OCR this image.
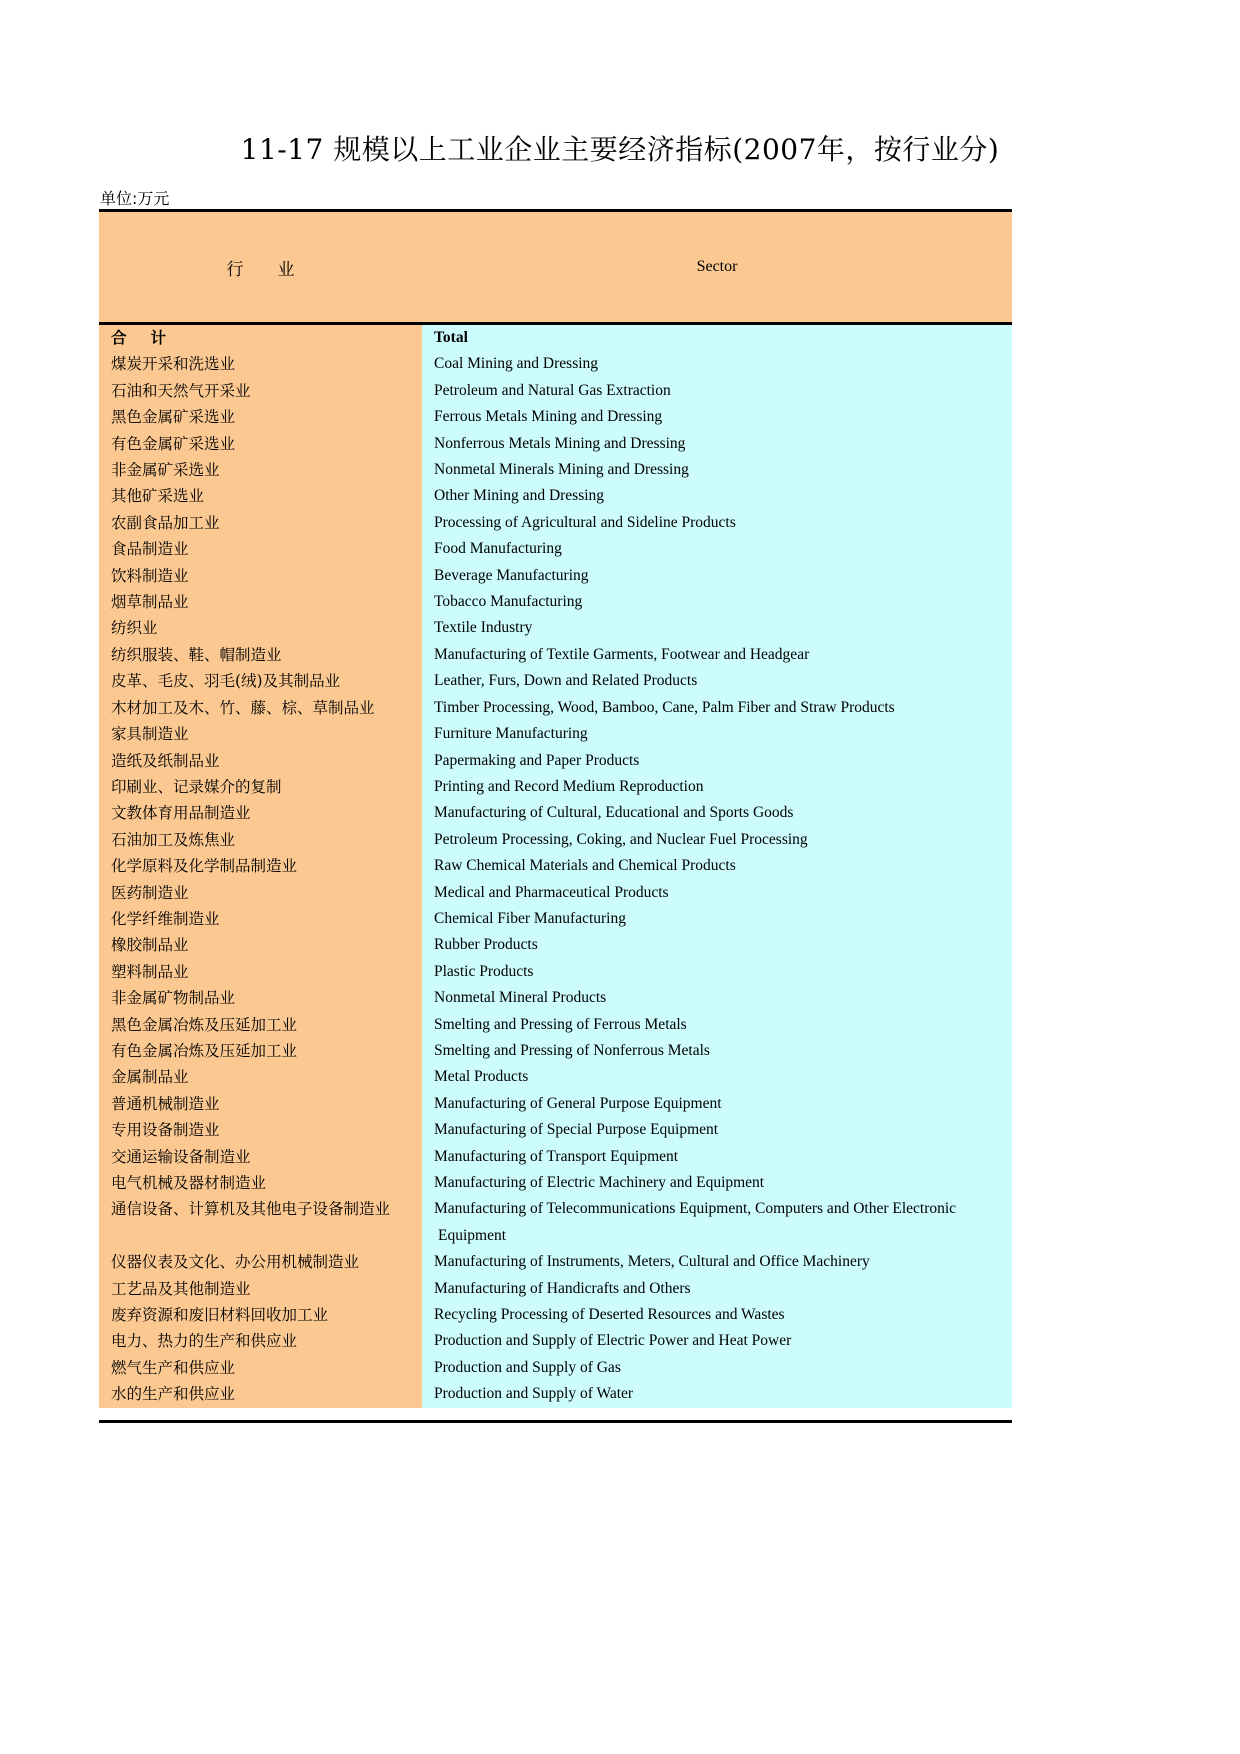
11-17 规模以上工业企业主要经济指标(2007年，按行业分)
单位:万元
行 业	Sector
合 计	Total
煤炭开采和洗选业	Coal Mining and Dressing
石油和天然气开采业	Petroleum and Natural Gas Extraction
黑色金属矿采选业	Ferrous Metals Mining and Dressing
有色金属矿采选业	Nonferrous Metals Mining and Dressing
非金属矿采选业	Nonmetal Minerals Mining and Dressing
其他矿采选业	Other Mining and Dressing
农副食品加工业	Processing of Agricultural and Sideline Products
食品制造业	Food Manufacturing
饮料制造业	Beverage Manufacturing
烟草制品业	Tobacco Manufacturing
纺织业	Textile Industry
纺织服装、鞋、帽制造业	Manufacturing of Textile Garments, Footwear and Headgear
皮革、毛皮、羽毛(绒)及其制品业	Leather, Furs, Down and Related Products
木材加工及木、竹、藤、棕、草制品业	Timber Processing, Wood, Bamboo, Cane, Palm Fiber and Straw Products
家具制造业	Furniture Manufacturing
造纸及纸制品业	Papermaking and Paper Products
印刷业、记录媒介的复制	Printing and Record Medium Reproduction
文教体育用品制造业	Manufacturing of Cultural, Educational and Sports Goods
石油加工及炼焦业	Petroleum Processing, Coking, and Nuclear Fuel Processing
化学原料及化学制品制造业	Raw Chemical Materials and Chemical Products
医药制造业	Medical and Pharmaceutical Products
化学纤维制造业	Chemical Fiber Manufacturing
橡胶制品业	Rubber Products
塑料制品业	Plastic Products
非金属矿物制品业	Nonmetal Mineral Products
黑色金属冶炼及压延加工业	Smelting and Pressing of Ferrous Metals
有色金属冶炼及压延加工业	Smelting and Pressing of Nonferrous Metals
金属制品业	Metal Products
普通机械制造业	Manufacturing of General Purpose Equipment
专用设备制造业	Manufacturing of Special Purpose Equipment
交通运输设备制造业	Manufacturing of Transport Equipment
电气机械及器材制造业	Manufacturing of Electric Machinery and Equipment
通信设备、计算机及其他电子设备制造业	Manufacturing of Telecommunications Equipment, Computers and Other Electronic
Equipment

仪器仪表及文化、办公用机械制造业	Manufacturing of Instruments, Meters, Cultural and Office Machinery
工艺品及其他制造业	Manufacturing of Handicrafts and Others
废弃资源和废旧材料回收加工业	Recycling Processing of Deserted Resources and Wastes
电力、热力的生产和供应业	Production and Supply of Electric Power and Heat Power
燃气生产和供应业	Production and Supply of Gas
水的生产和供应业	Production and Supply of Water
